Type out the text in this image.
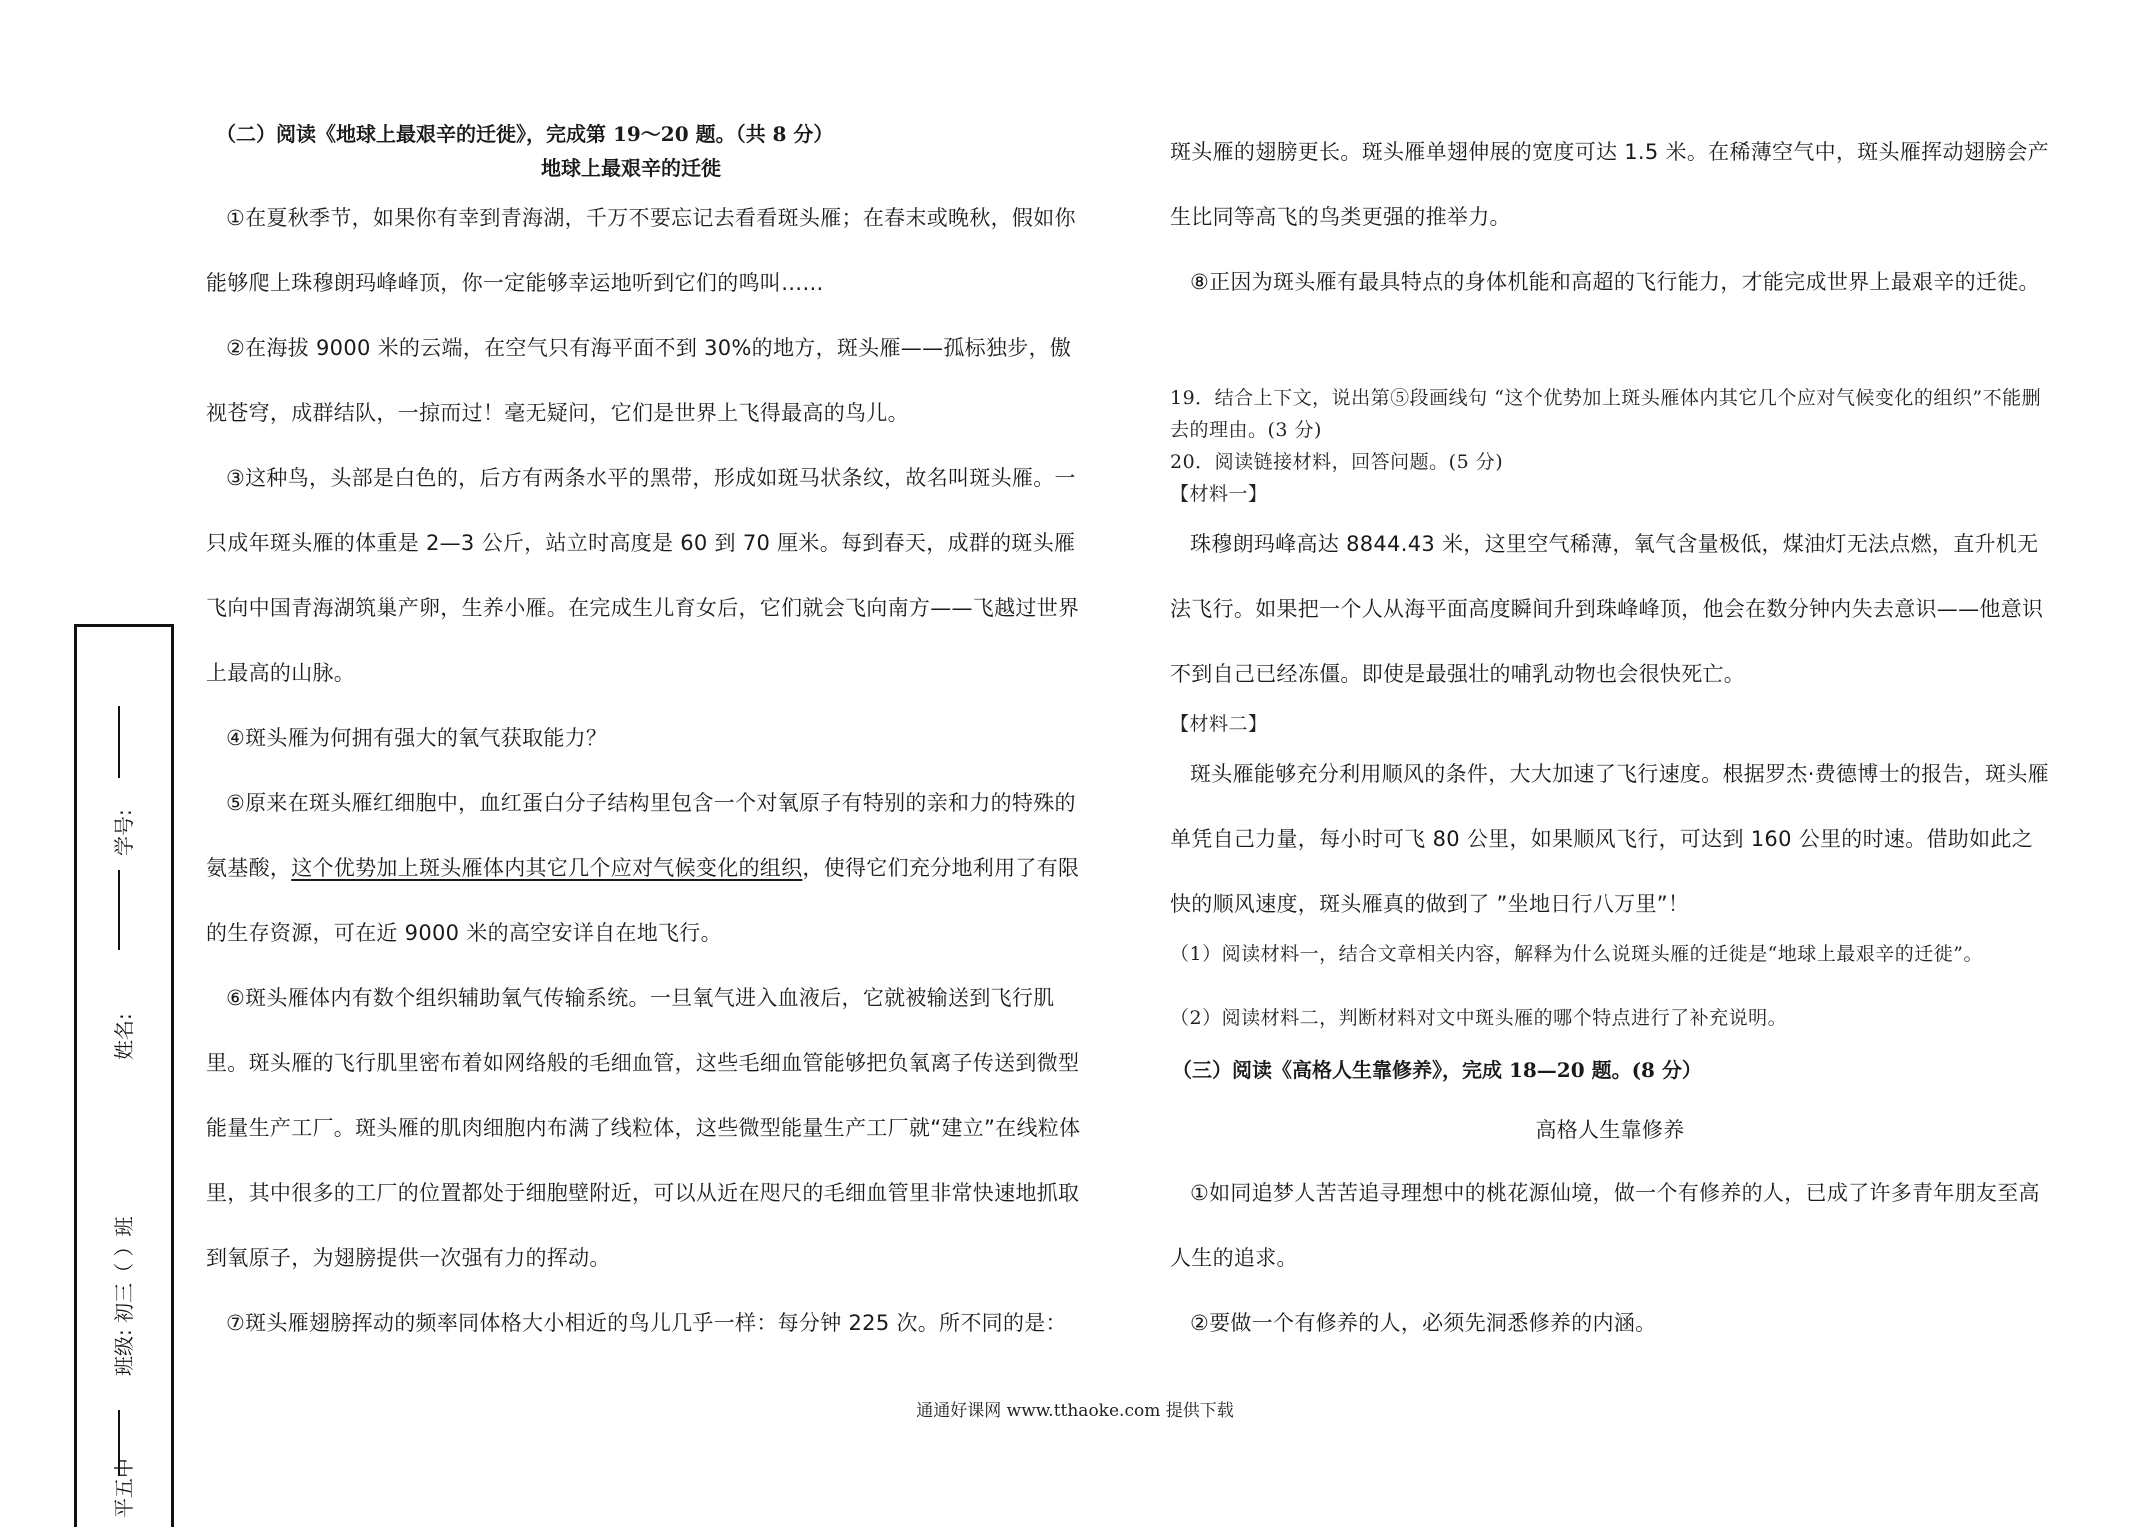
学号:
姓名:
班级: 初三（ ）班
平五中
（二）阅读《地球上最艰辛的迁徙》，完成第 19～20 题。（共 8 分）
地球上最艰辛的迁徙

①在夏秋季节，如果你有幸到青海湖，千万不要忘记去看看斑头雁；在春末或晚秋，假如你能够爬上珠穆朗玛峰峰顶，你一定能够幸运地听到它们的鸣叫……

②在海拔 9000 米的云端，在空气只有海平面不到 30%的地方，斑头雁——孤标独步，傲视苍穹，成群结队，一掠而过！毫无疑问，它们是世界上飞得最高的鸟儿。

③这种鸟，头部是白色的，后方有两条水平的黑带，形成如斑马状条纹，故名叫斑头雁。一只成年斑头雁的体重是 2—3 公斤，站立时高度是 60 到 70 厘米。每到春天，成群的斑头雁飞向中国青海湖筑巢产卵，生养小雁。在完成生儿育女后，它们就会飞向南方——飞越过世界上最高的山脉。

④斑头雁为何拥有强大的氧气获取能力？

⑤原来在斑头雁红细胞中，血红蛋白分子结构里包含一个对氧原子有特别的亲和力的特殊的氨基酸，这个优势加上斑头雁体内其它几个应对气候变化的组织，使得它们充分地利用了有限的生存资源，可在近 9000 米的高空安详自在地飞行。

⑥斑头雁体内有数个组织辅助氧气传输系统。一旦氧气进入血液后，它就被输送到飞行肌里。斑头雁的飞行肌里密布着如网络般的毛细血管，这些毛细血管能够把负氧离子传送到微型能量生产工厂。斑头雁的肌肉细胞内布满了线粒体，这些微型能量生产工厂就“建立”在线粒体里，其中很多的工厂的位置都处于细胞壁附近，可以从近在咫尺的毛细血管里非常快速地抓取到氧原子，为翅膀提供一次强有力的挥动。

⑦斑头雁翅膀挥动的频率同体格大小相近的鸟儿几乎一样：每分钟 225 次。所不同的是：

斑头雁的翅膀更长。斑头雁单翅伸展的宽度可达 1.5 米。在稀薄空气中，斑头雁挥动翅膀会产生比同等高飞的鸟类更强的推举力。

⑧正因为斑头雁有最具特点的身体机能和高超的飞行能力，才能完成世界上最艰辛的迁徙。

19．结合上下文，说出第⑤段画线句 “这个优势加上斑头雁体内其它几个应对气候变化的组织”不能删去的理由。(3 分)

20．阅读链接材料，回答问题。(5 分)

【材料一】

珠穆朗玛峰高达 8844.43 米，这里空气稀薄，氧气含量极低，煤油灯无法点燃，直升机无法飞行。如果把一个人从海平面高度瞬间升到珠峰峰顶，他会在数分钟内失去意识——他意识不到自己已经冻僵。即使是最强壮的哺乳动物也会很快死亡。

【材料二】

斑头雁能够充分利用顺风的条件，大大加速了飞行速度。根据罗杰·费德博士的报告，斑头雁单凭自己力量，每小时可飞 80 公里，如果顺风飞行，可达到 160 公里的时速。借助如此之快的顺风速度，斑头雁真的做到了 ”坐地日行八万里”！

（1）阅读材料一，结合文章相关内容，解释为什么说斑头雁的迁徙是“地球上最艰辛的迁徙”。

（2）阅读材料二，判断材料对文中斑头雁的哪个特点进行了补充说明。

（三）阅读《高格人生靠修养》，完成 18—20 题。(8 分）

高格人生靠修养

①如同追梦人苦苦追寻理想中的桃花源仙境，做一个有修养的人，已成了许多青年朋友至高人生的追求。

②要做一个有修养的人，必须先洞悉修养的内涵。

通通好课网 www.tthaoke.com 提供下载
